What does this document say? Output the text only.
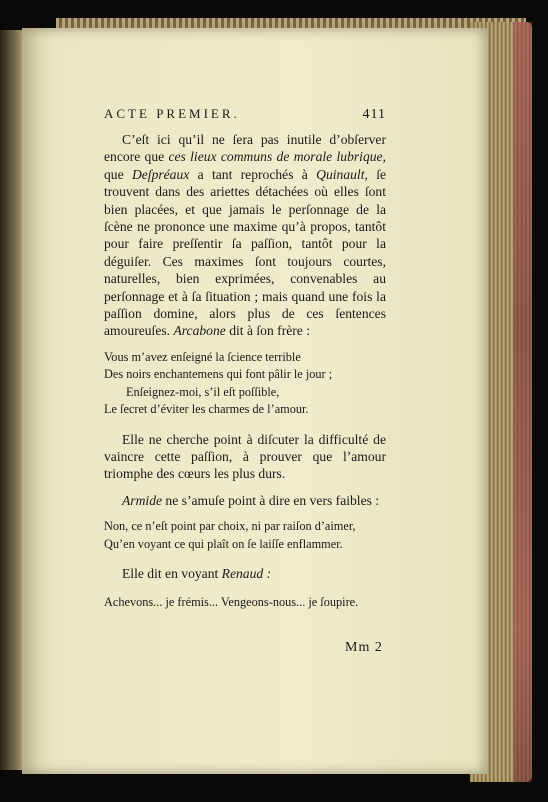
ACTE PREMIER.	411

C’eſt ici qu’il ne ſera pas inutile d’obſerver encore que ces lieux communs de morale lubrique, que Deſpréaux a tant reprochés à Quinault, ſe trouvent dans des ariettes détachées où elles ſont bien placées, et que jamais le perſonnage de la ſcène ne prononce une maxime qu’à propos, tantôt pour faire preſſentir ſa paſſion, tantôt pour la déguiſer. Ces maximes ſont toujours courtes, naturelles, bien exprimées, convenables au perſonnage et à ſa ſituation ; mais quand une fois la paſſion domine, alors plus de ces ſentences amoureuſes. Arcabone dit à ſon frère :

Vous m’avez enſeigné la ſcience terrible

Des noirs enchantemens qui font pâlir le jour ;

Enſeignez-moi, s’il eſt poſſible,

Le ſecret d’éviter les charmes de l’amour.

Elle ne cherche point à diſcuter la difficulté de vaincre cette paſſion, à prouver que l’amour triomphe des cœurs les plus durs.

Armide ne s’amuſe point à dire en vers faibles :

Non, ce n’eſt point par choix, ni par raiſon d’aimer,

Qu’en voyant ce qui plaît on ſe laiſſe enflammer.

Elle dit en voyant Renaud :

Achevons... je frémis... Vengeons-nous... je ſoupire.

Mm 2
